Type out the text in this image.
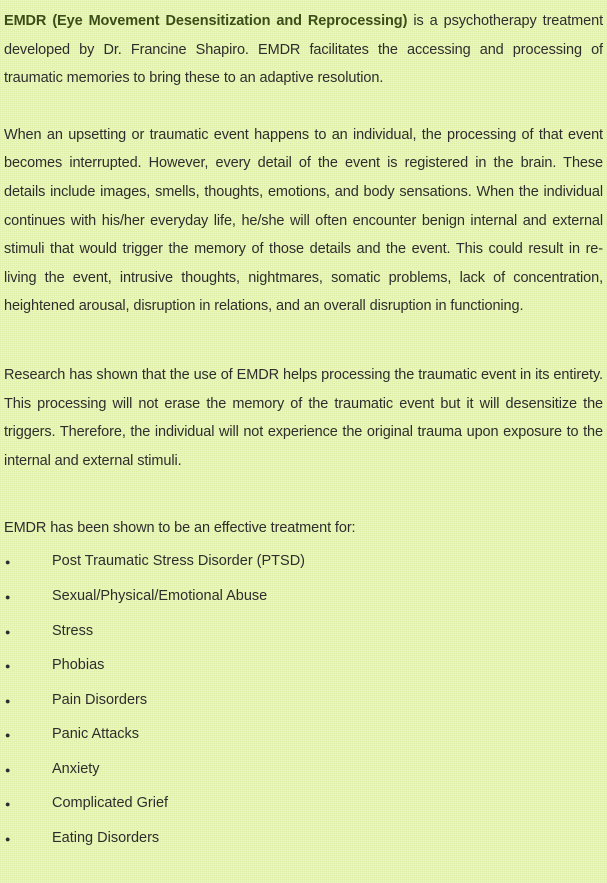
EMDR (Eye Movement Desensitization and Reprocessing) is a psychotherapy treatment developed by Dr. Francine Shapiro. EMDR facilitates the accessing and processing of traumatic memories to bring these to an adaptive resolution.

When an upsetting or traumatic event happens to an individual, the processing of that event becomes interrupted. However, every detail of the event is registered in the brain. These details include images, smells, thoughts, emotions, and body sensations. When the individual continues with his/her everyday life, he/she will often encounter benign internal and external stimuli that would trigger the memory of those details and the event. This could result in re-living the event, intrusive thoughts, nightmares, somatic problems, lack of concentration, heightened arousal, disruption in relations, and an overall disruption in functioning.

Research has shown that the use of EMDR helps processing the traumatic event in its entirety. This processing will not erase the memory of the traumatic event but it will desensitize the triggers. Therefore, the individual will not experience the original trauma upon exposure to the internal and external stimuli.

EMDR has been shown to be an effective treatment for:

●	Post Traumatic Stress Disorder (PTSD)
●	Sexual/Physical/Emotional Abuse
●	Stress
●	Phobias
●	Pain Disorders
●	Panic Attacks
●	Anxiety
●	Complicated Grief
●	Eating Disorders
